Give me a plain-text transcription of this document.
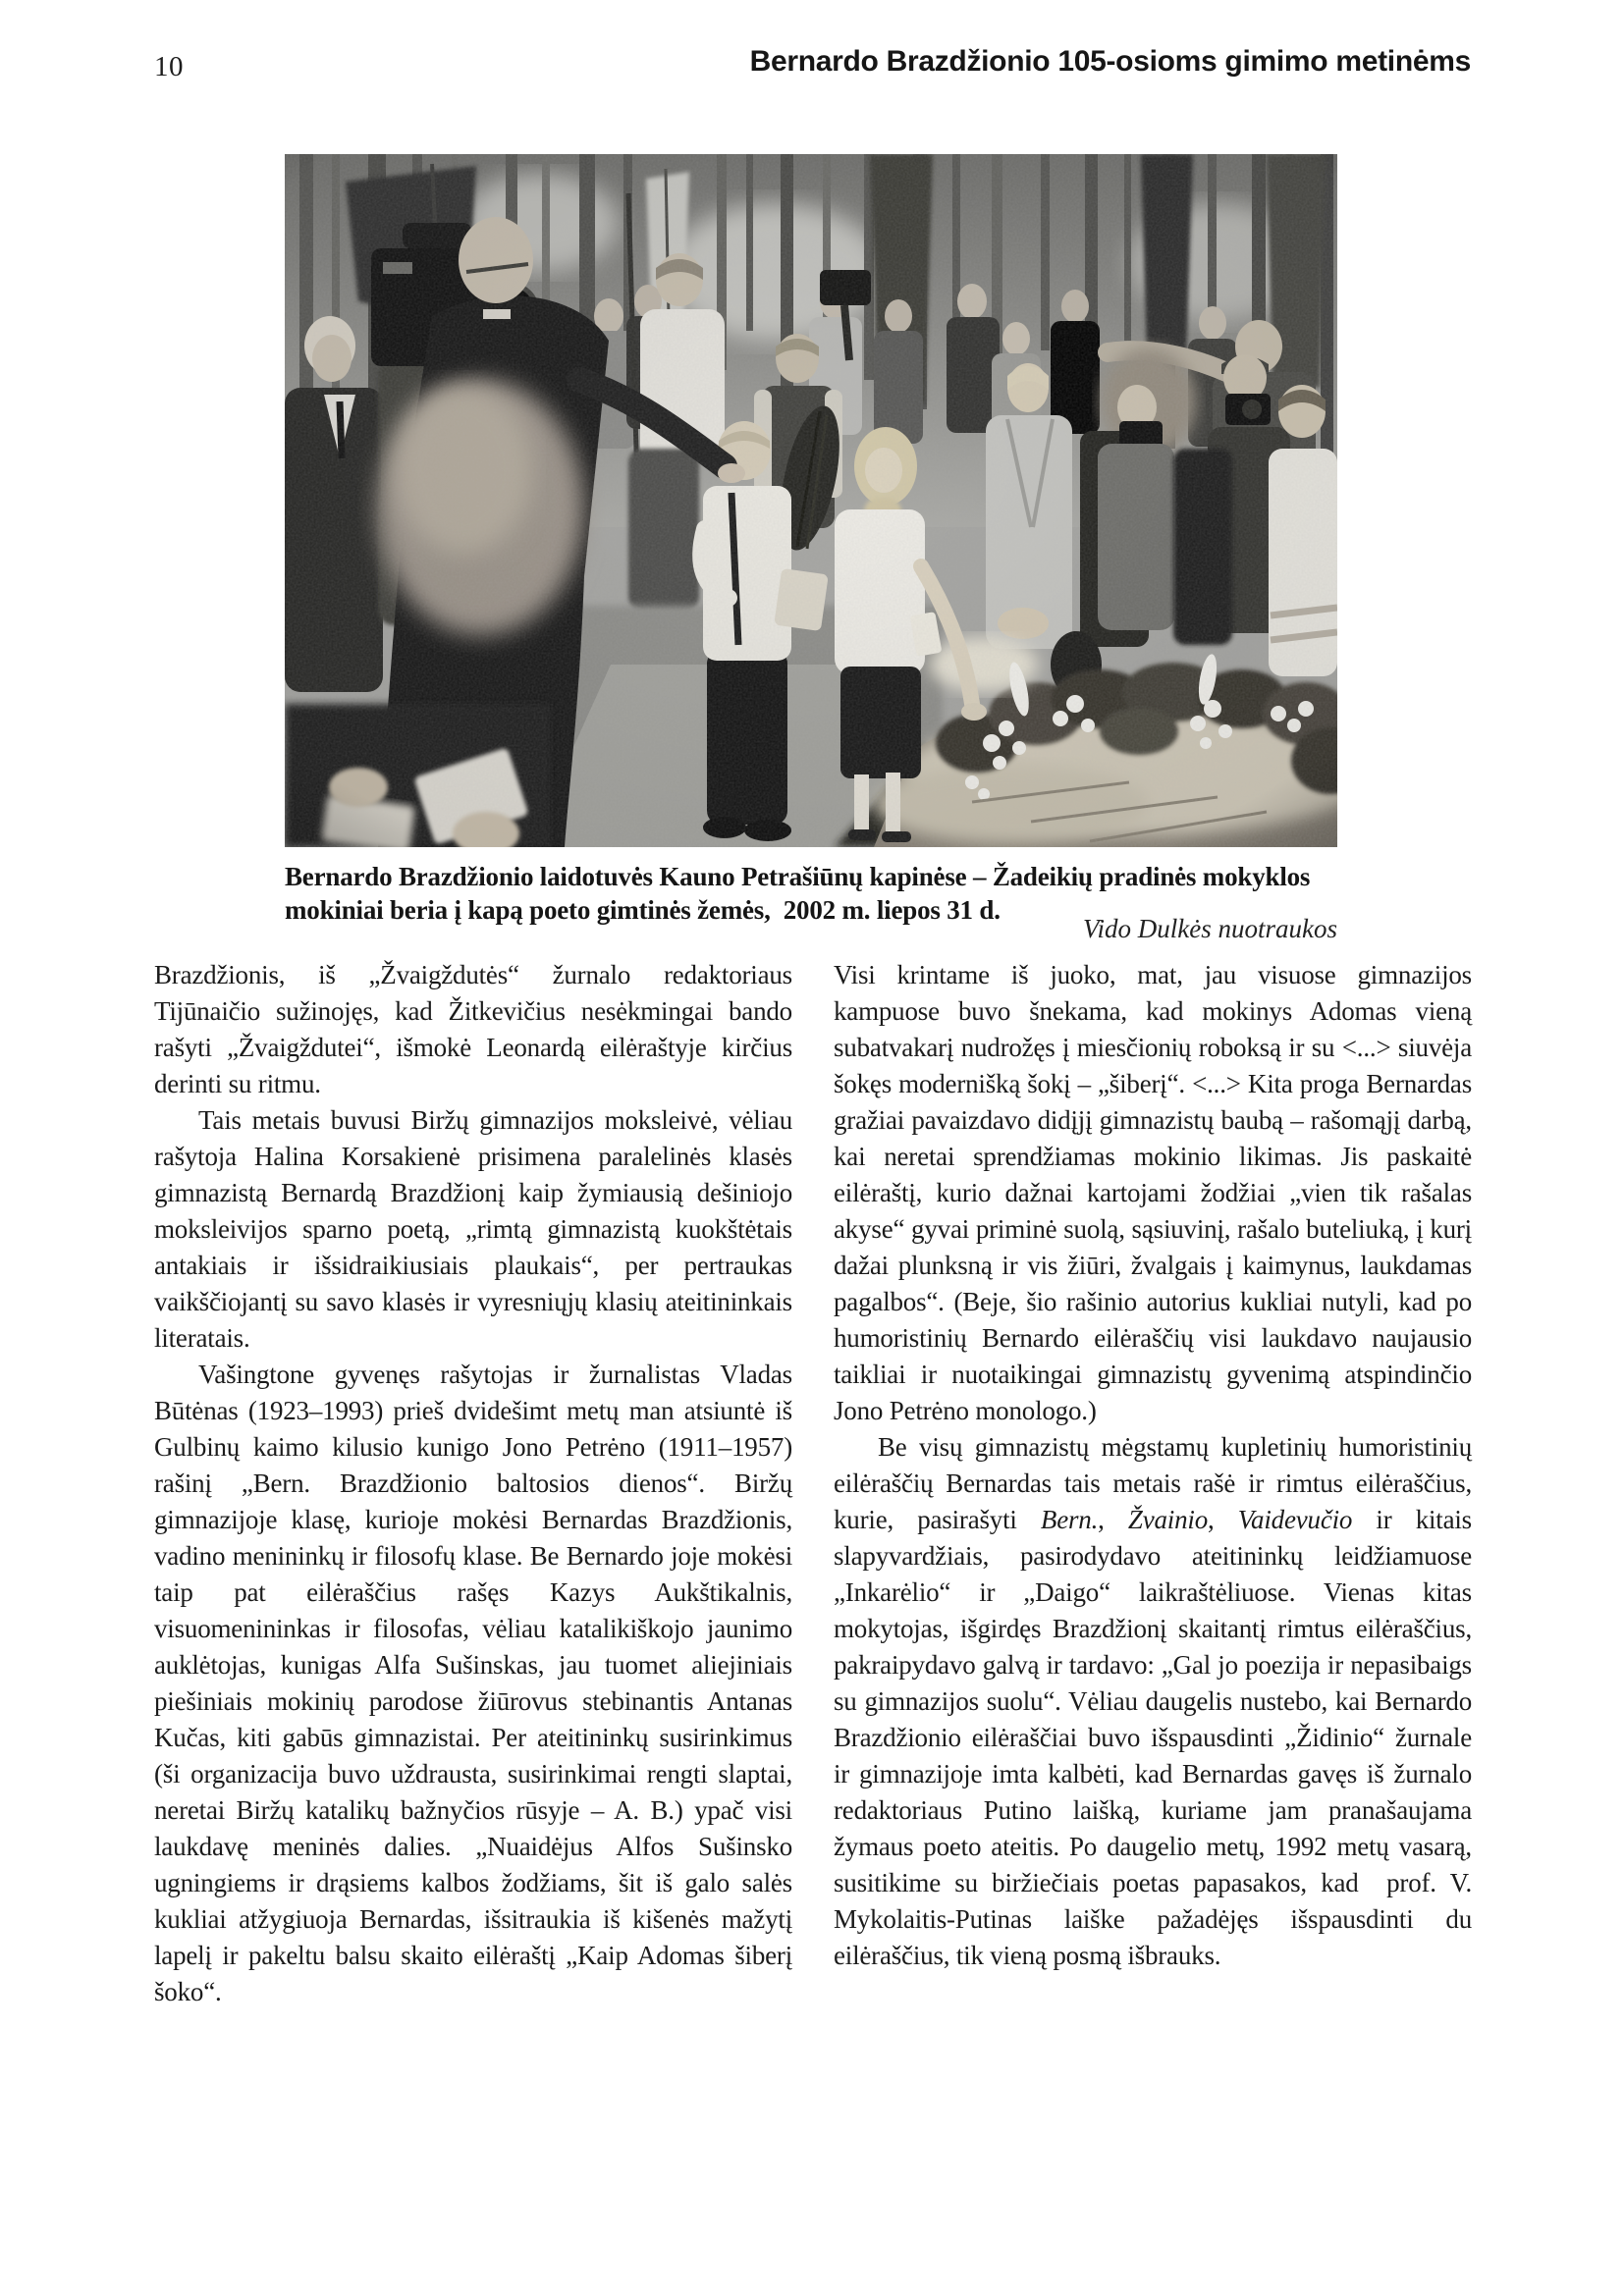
10	Bernardo Brazdžionio 105-osioms gimimo metinėms
Bernardo Brazdžionio laidotuvės Kauno Petrašiūnų kapinėse – Žadeikių pradinės mokyklos
mokiniai beria į kapą poeto gimtinės žemės,  2002 m. liepos 31 d.
Vido Dulkės nuotraukos

Brazdžionis, iš „Žvaigždutės“ žurnalo redaktoriaus Tijūnaičio sužinojęs, kad Žitkevičius nesėkmingai bando rašyti „Žvaigždutei“, išmokė Leonardą eilėraštyje kirčius derinti su ritmu.

Tais metais buvusi Biržų gimnazijos moksleivė, vėliau rašytoja Halina Korsakienė prisimena paralelinės klasės gimnazistą Bernardą Brazdžionį kaip žymiausią dešiniojo moksleivijos sparno poetą, „rimtą gimnazistą kuokštėtais antakiais ir išsidraikiusiais plaukais“, per pertraukas vaikščiojantį su savo klasės ir vyresniųjų klasių ateitininkais literatais.

Vašingtone gyvenęs rašytojas ir žurnalistas Vladas Būtėnas (1923–1993) prieš dvidešimt metų man atsiuntė iš Gulbinų kaimo kilusio kunigo Jono Petrėno (1911–1957) rašinį „Bern. Brazdžionio baltosios dienos“. Biržų gimnazijoje klasę, kurioje mokėsi Bernardas Brazdžionis, vadino menininkų ir filosofų klase. Be Bernardo joje mokėsi taip pat eilėraščius rašęs Kazys Aukštikalnis, visuomenininkas ir filosofas, vėliau katalikiškojo jaunimo auklėtojas, kunigas Alfa Sušinskas, jau tuomet aliejiniais piešiniais mokinių parodose žiūrovus stebinantis Antanas Kučas, kiti gabūs gimnazistai. Per ateitininkų susirinkimus (ši organizacija buvo uždrausta, susirinkimai rengti slaptai, neretai Biržų katalikų bažnyčios rūsyje – A. B.) ypač visi laukdavę meninės dalies. „Nuaidėjus Alfos Sušinsko ugningiems ir drąsiems kalbos žodžiams, šit iš galo salės kukliai atžygiuoja Bernardas, išsitraukia iš kišenės mažytį lapelį ir pakeltu balsu skaito eilėraštį „Kaip Adomas šiberį šoko“.

Visi krintame iš juoko, mat, jau visuose gimnazijos kampuose buvo šnekama, kad mokinys Adomas vieną subatvakarį nudrožęs į miesčionių roboksą ir su <...> siuvėja šokęs modernišką šokį – „šiberį“. <...> Kita proga Bernardas gražiai pavaizdavo didįjį gimnazistų baubą – rašomąjį darbą, kai neretai sprendžiamas mokinio likimas. Jis paskaitė eilėraštį, kurio dažnai kartojami žodžiai „vien tik rašalas akyse“ gyvai priminė suolą, sąsiuvinį, rašalo buteliuką, į kurį dažai plunksną ir vis žiūri, žvalgais į kaimynus, laukdamas pagalbos“. (Beje, šio rašinio autorius kukliai nutyli, kad po humoristinių Bernardo eilėraščių visi laukdavo naujausio taikliai ir nuotaikingai gimnazistų gyvenimą atspindinčio Jono Petrėno monologo.)

Be visų gimnazistų mėgstamų kupletinių humoristinių eilėraščių Bernardas tais metais rašė ir rimtus eilėraščius, kurie, pasirašyti Bern., Žvainio, Vaidevučio ir kitais slapyvardžiais, pasirodydavo ateitininkų leidžiamuose „Inkarėlio“ ir „Daigo“ laikraštėliuose. Vienas kitas mokytojas, išgirdęs Brazdžionį skaitantį rimtus eilėraščius, pakraipydavo galvą ir tardavo: „Gal jo poezija ir nepasibaigs su gimnazijos suolu“. Vėliau daugelis nustebo, kai Bernardo Brazdžionio eilėraščiai buvo išspausdinti „Židinio“ žurnale ir gimnazijoje imta kalbėti, kad Bernardas gavęs iš žurnalo redaktoriaus Putino laišką, kuriame jam pranašaujama žymaus poeto ateitis. Po daugelio metų, 1992 metų vasarą, susitikime su biržiečiais poetas papasakos, kad  prof. V. Mykolaitis-Putinas laiške pažadėjęs išspausdinti du eilėraščius, tik vieną posmą išbrauks.
